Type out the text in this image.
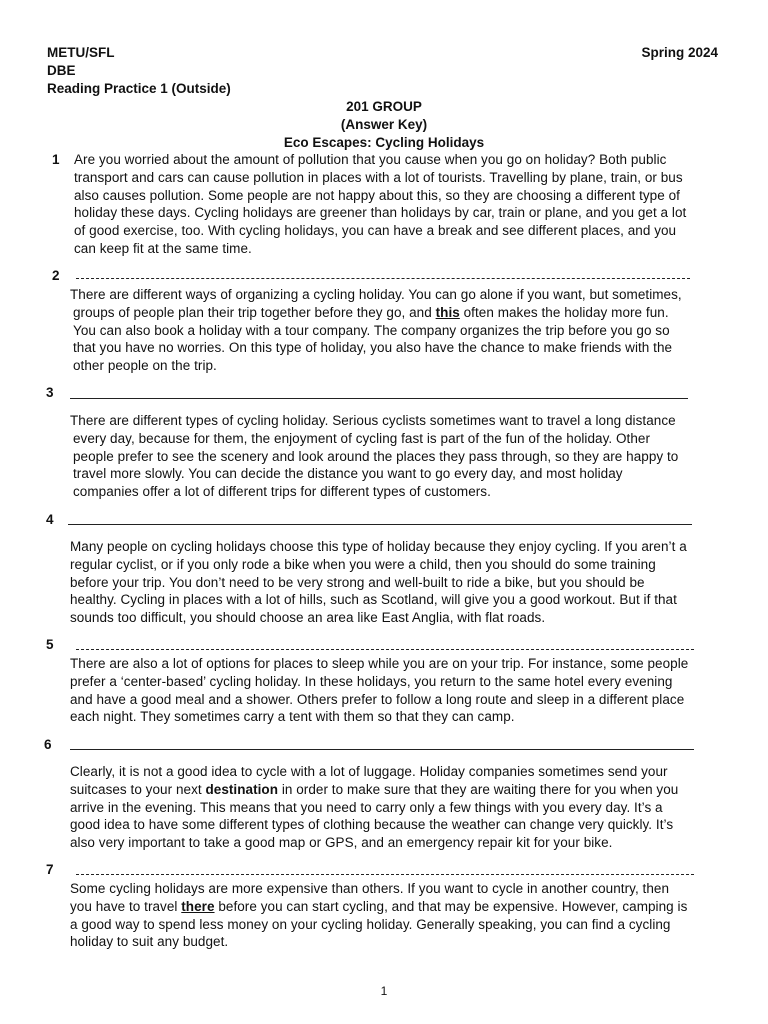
METU/SFL
DBE
Reading Practice 1 (Outside)
Spring 2024
201 GROUP
(Answer Key)
Eco Escapes: Cycling Holidays
1 Are you worried about the amount of pollution that you cause when you go on holiday? Both public
transport and cars can cause pollution in places with a lot of tourists. Travelling by plane, train, or bus
also causes pollution. Some people are not happy about this, so they are choosing a different type of
holiday these days. Cycling holidays are greener than holidays by car, train or plane, and you get a lot
of good exercise, too. With cycling holidays, you can have a break and see different places, and you
can keep fit at the same time.
2
There are different ways of organizing a cycling holiday. You can go alone if you want, but sometimes,
groups of people plan their trip together before they go, and this often makes the holiday more fun.
You can also book a holiday with a tour company. The company organizes the trip before you go so
that you have no worries. On this type of holiday, you also have the chance to make friends with the
other people on the trip.
3
There are different types of cycling holiday. Serious cyclists sometimes want to travel a long distance
every day, because for them, the enjoyment of cycling fast is part of the fun of the holiday. Other
people prefer to see the scenery and look around the places they pass through, so they are happy to
travel more slowly. You can decide the distance you want to go every day, and most holiday
companies offer a lot of different trips for different types of customers.
4
Many people on cycling holidays choose this type of holiday because they enjoy cycling. If you aren’t a
regular cyclist, or if you only rode a bike when you were a child, then you should do some training
before your trip. You don’t need to be very strong and well-built to ride a bike, but you should be
healthy. Cycling in places with a lot of hills, such as Scotland, will give you a good workout. But if that
sounds too difficult, you should choose an area like East Anglia, with flat roads.
5
There are also a lot of options for places to sleep while you are on your trip. For instance, some people
prefer a ‘center-based’ cycling holiday. In these holidays, you return to the same hotel every evening
and have a good meal and a shower. Others prefer to follow a long route and sleep in a different place
each night. They sometimes carry a tent with them so that they can camp.
6
Clearly, it is not a good idea to cycle with a lot of luggage. Holiday companies sometimes send your
suitcases to your next destination in order to make sure that they are waiting there for you when you
arrive in the evening. This means that you need to carry only a few things with you every day. It’s a
good idea to have some different types of clothing because the weather can change very quickly. It’s
also very important to take a good map or GPS, and an emergency repair kit for your bike.
7
Some cycling holidays are more expensive than others. If you want to cycle in another country, then
you have to travel there before you can start cycling, and that may be expensive. However, camping is
a good way to spend less money on your cycling holiday. Generally speaking, you can find a cycling
holiday to suit any budget.
1
